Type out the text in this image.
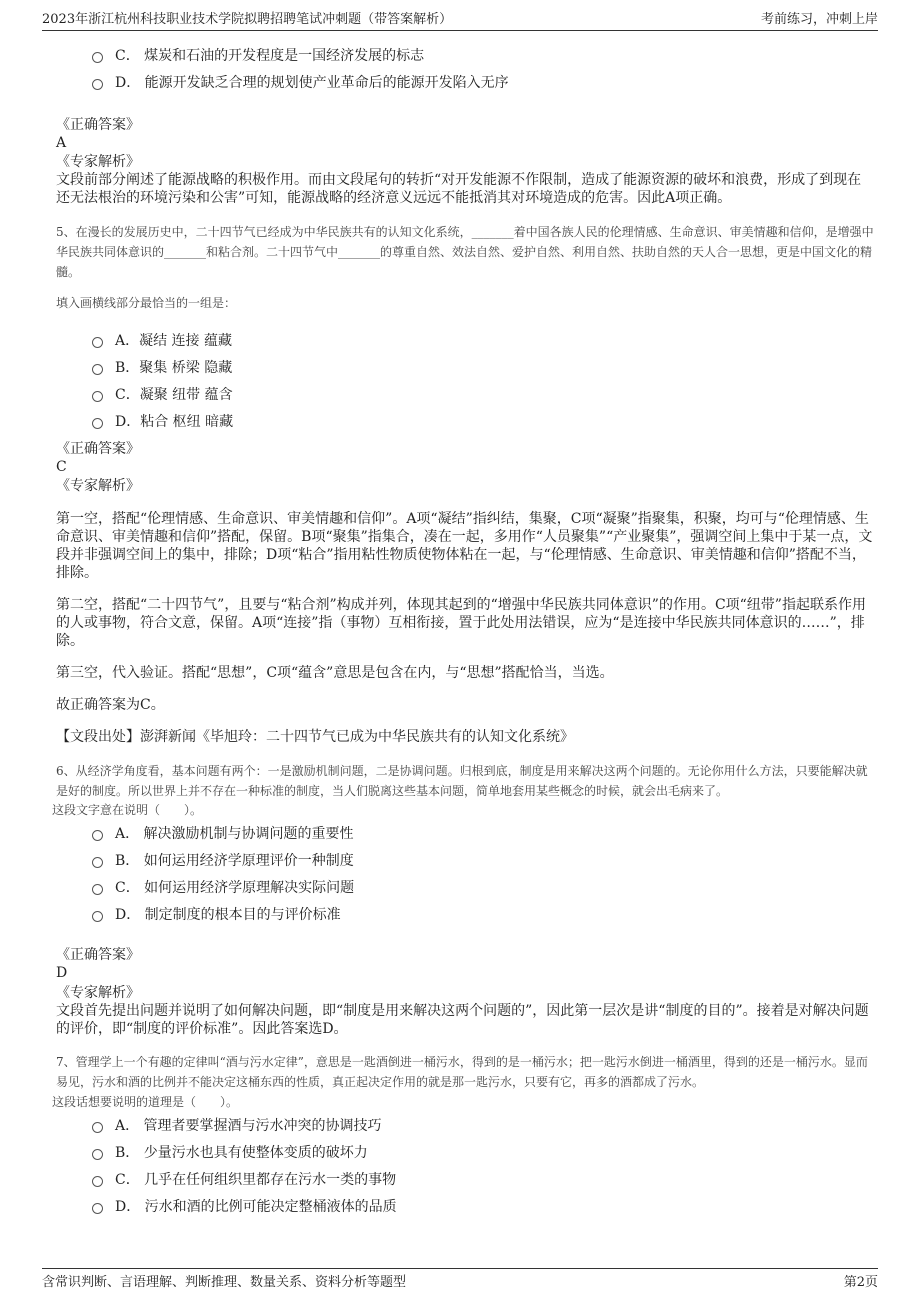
2023年浙江杭州科技职业技术学院拟聘招聘笔试冲刺题（带答案解析）	考前练习，冲刺上岸
C． 煤炭和石油的开发程度是一国经济发展的标志
D． 能源开发缺乏合理的规划使产业革命后的能源开发陷入无序
《正确答案》
A
《专家解析》
文段前部分阐述了能源战略的积极作用。而由文段尾句的转折“对开发能源不作限制，造成了能源资源的破坏和浪费，形成了到现在还无法根治的环境污染和公害”可知，能源战略的经济意义远远不能抵消其对环境造成的危害。因此A项正确。
5、在漫长的发展历史中，二十四节气已经成为中华民族共有的认知文化系统，_______着中国各族人民的伦理情感、生命意识、审美情趣和信仰，是增强中华民族共同体意识的_______和粘合剂。二十四节气中_______的尊重自然、效法自然、爱护自然、利用自然、扶助自然的天人合一思想，更是中国文化的精髓。
填入画横线部分最恰当的一组是：
A．凝结 连接 蕴藏
B．聚集 桥梁 隐藏
C．凝聚 纽带 蕴含
D．粘合 枢纽 暗藏
《正确答案》
C
《专家解析》
第一空，搭配“伦理情感、生命意识、审美情趣和信仰”。A项“凝结”指纠结，集聚，C项“凝聚”指聚集，积聚，均可与“伦理情感、生命意识、审美情趣和信仰”搭配，保留。B项“聚集”指集合，凑在一起，多用作“人员聚集”“产业聚集”，强调空间上集中于某一点，文段并非强调空间上的集中，排除；D项“粘合”指用粘性物质使物体粘在一起，与“伦理情感、生命意识、审美情趣和信仰”搭配不当，排除。
第二空，搭配“二十四节气”，且要与“粘合剂”构成并列，体现其起到的“增强中华民族共同体意识”的作用。C项“纽带”指起联系作用的人或事物，符合文意，保留。A项“连接”指（事物）互相衔接，置于此处用法错误，应为“是连接中华民族共同体意识的……”，排除。
第三空，代入验证。搭配“思想”，C项“蕴含”意思是包含在内，与“思想”搭配恰当，当选。
故正确答案为C。
【文段出处】澎湃新闻《毕旭玲：二十四节气已成为中华民族共有的认知文化系统》
6、从经济学角度看，基本问题有两个：一是激励机制问题，二是协调问题。归根到底，制度是用来解决这两个问题的。无论你用什么方法，只要能解决就是好的制度。所以世界上并不存在一种标准的制度，当人们脱离这些基本问题，简单地套用某些概念的时候，就会出毛病来了。
这段文字意在说明（　　）。
A． 解决激励机制与协调问题的重要性
B． 如何运用经济学原理评价一种制度
C． 如何运用经济学原理解决实际问题
D． 制定制度的根本目的与评价标准
《正确答案》
D
《专家解析》
文段首先提出问题并说明了如何解决问题，即“制度是用来解决这两个问题的”，因此第一层次是讲“制度的目的”。接着是对解决问题的评价，即“制度的评价标准”。因此答案选D。
7、管理学上一个有趣的定律叫“酒与污水定律”，意思是一匙酒倒进一桶污水，得到的是一桶污水；把一匙污水倒进一桶酒里，得到的还是一桶污水。显而易见，污水和酒的比例并不能决定这桶东西的性质，真正起决定作用的就是那一匙污水，只要有它，再多的酒都成了污水。
这段话想要说明的道理是（　　）。
A． 管理者要掌握酒与污水冲突的协调技巧
B． 少量污水也具有使整体变质的破坏力
C． 几乎在任何组织里都存在污水一类的事物
D． 污水和酒的比例可能决定整桶液体的品质
含常识判断、言语理解、判断推理、数量关系、资料分析等题型	第2页
